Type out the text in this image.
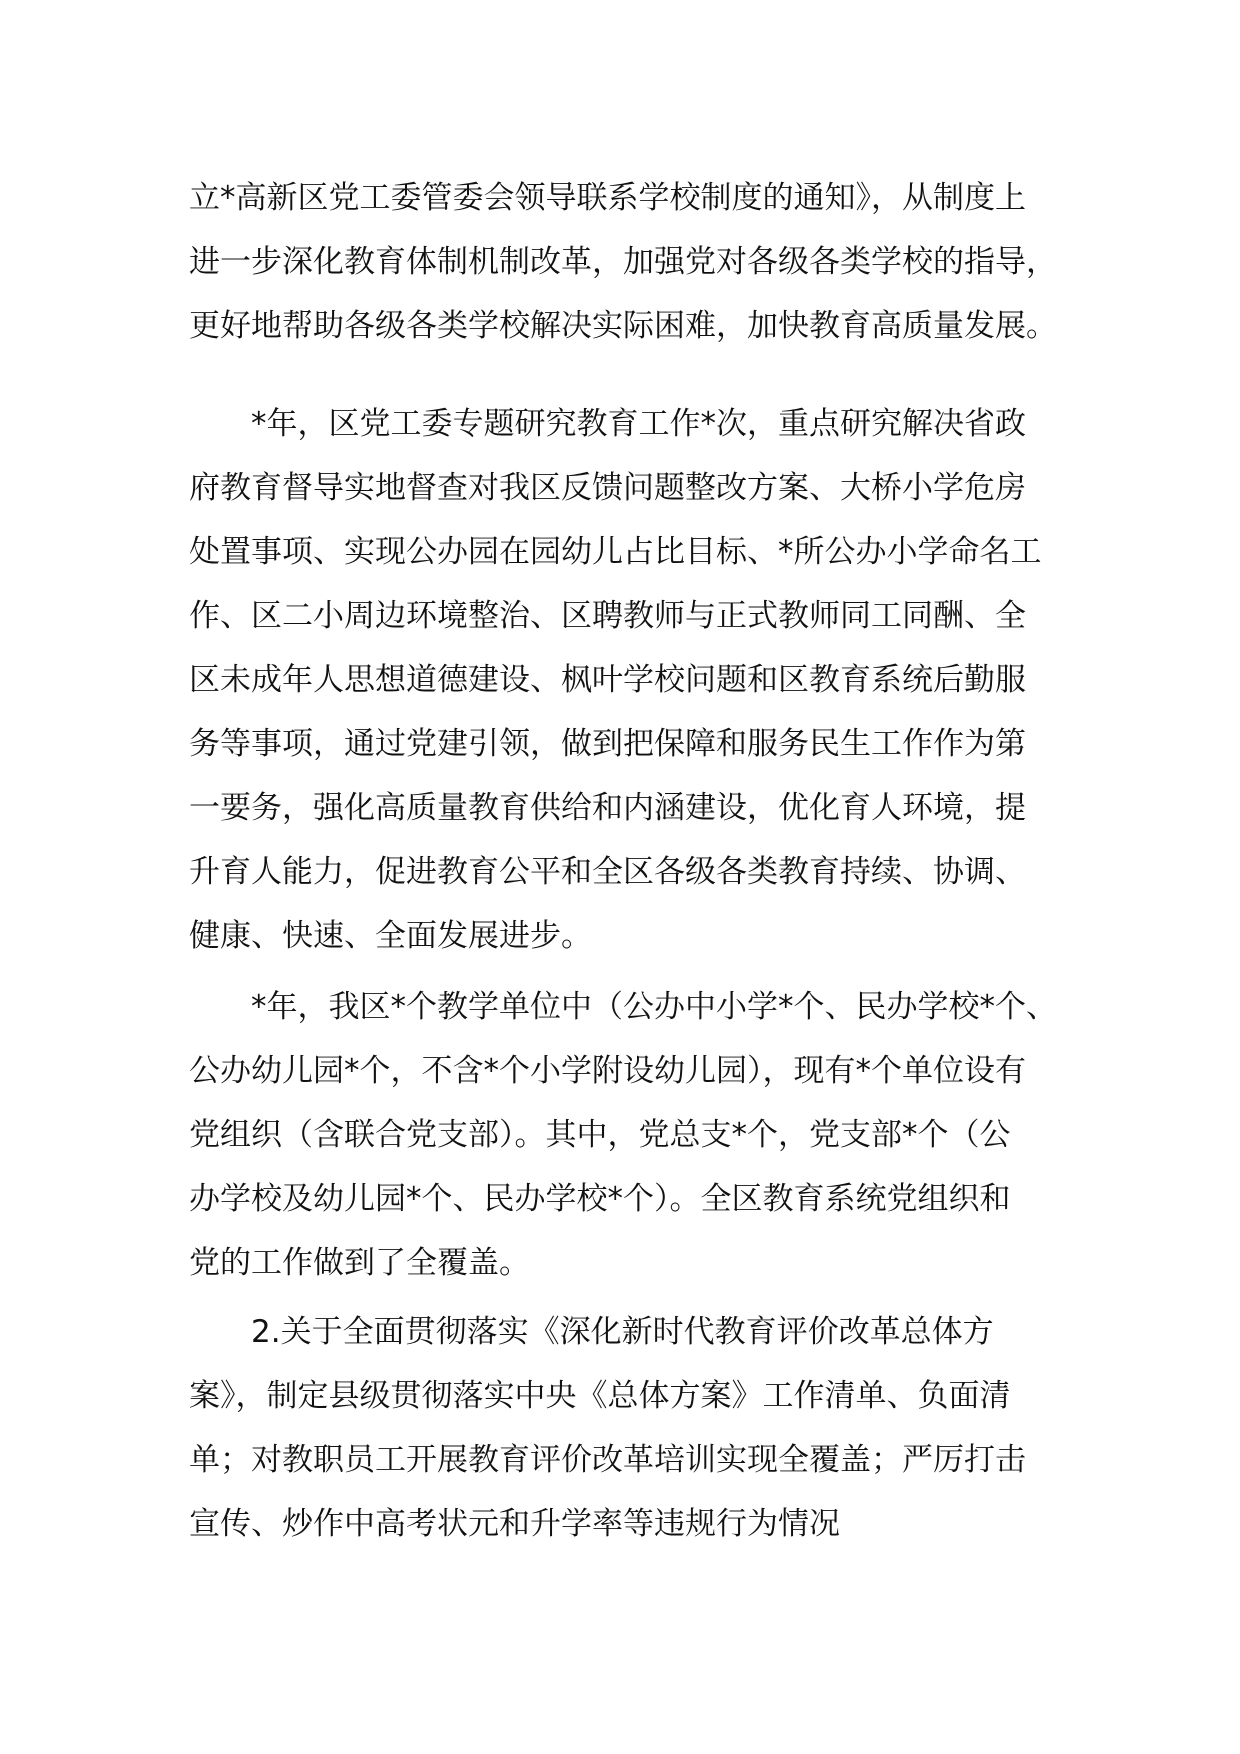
立*高新区党工委管委会领导联系学校制度的通知》，从制度上
进一步深化教育体制机制改革，加强党对各级各类学校的指导，
更好地帮助各级各类学校解决实际困难，加快教育高质量发展。
*年，区党工委专题研究教育工作*次，重点研究解决省政
府教育督导实地督查对我区反馈问题整改方案、大桥小学危房
处置事项、实现公办园在园幼儿占比目标、*所公办小学命名工
作、区二小周边环境整治、区聘教师与正式教师同工同酬、全
区未成年人思想道德建设、枫叶学校问题和区教育系统后勤服
务等事项，通过党建引领，做到把保障和服务民生工作作为第
一要务，强化高质量教育供给和内涵建设，优化育人环境，提
升育人能力，促进教育公平和全区各级各类教育持续、协调、
健康、快速、全面发展进步。
*年，我区*个教学单位中（公办中小学*个、民办学校*个、
公办幼儿园*个，不含*个小学附设幼儿园），现有*个单位设有
党组织（含联合党支部）。其中，党总支*个，党支部*个（公
办学校及幼儿园*个、民办学校*个）。全区教育系统党组织和
党的工作做到了全覆盖。
2.关于全面贯彻落实《深化新时代教育评价改革总体方
案》，制定县级贯彻落实中央《总体方案》工作清单、负面清
单；对教职员工开展教育评价改革培训实现全覆盖；严厉打击
宣传、炒作中高考状元和升学率等违规行为情况
